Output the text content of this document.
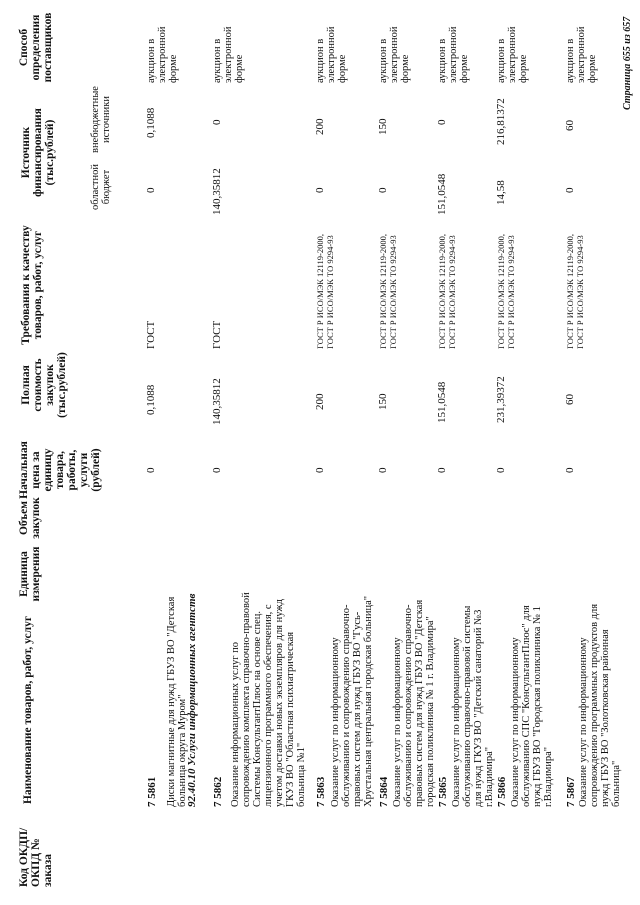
Код ОКДП/ ОКПД № заказа
Наименование товаров, работ, услуг
Единица измерения
Объем закупок
Начальная цена за единицу товара, работы, услуги (рублей)
Полная стоимость закупок (тыс.рублей)
Требования к качеству товаров, работ, услуг
Источник финансирования (тыс.рублей)
областной бюджет
внебюджетные источники
Способ определения поставщиков
7 5861 Диски магнитные для нужд ГБУЗ ВО "Детская больница округа Муром"
0
0,1088
ГОСТ
0
0,1088
аукцион в электронной форме
92.40.10 Услуги информационных агентств 7 5862 Оказание информационных услуг по сопровождению комплекта справочно-правовой Системы КонсультантПлюс на основе спец. лицензионного программного обеспечения, с учетом доставки новых экземпляров для нужд ГКУЗ ВО "Областная психиатрическая больница №1"
0
140,35812
ГОСТ
140,35812
0
аукцион в электронной форме
7 5863 Оказание услуг по информационному обслуживанию и сопровождению справочно-правовых систем для нужд ГБУЗ ВО "Гусь-Хрустальная центральная городская больница"
0
200
ГОСТ Р ИСО/МЭК 12119-2000, ГОСТ Р ИСО/МЭК ТО 9294-93
0
200
аукцион в электронной форме
7 5864 Оказание услуг по информационному обслуживанию и сопровождению справочно-правовых систем для нужд ГБУЗ ВО "Детская городская поликлиника № 1 г. Владимира"
0
150
ГОСТ Р ИСО/МЭК 12119-2000, ГОСТ Р ИСО/МЭК ТО 9294-93
0
150
аукцион в электронной форме
7 5865 Оказание услуг по информационному обслуживанию справочно-правовой системы для нужд ГКУЗ ВО "Детский санаторий №3 г.Владимира"
0
151,0548
ГОСТ Р ИСО/МЭК 12119-2000, ГОСТ Р ИСО/МЭК ТО 9294-93
151,0548
0
аукцион в электронной форме
7 5866 Оказание услуг по информационному обслуживанию СПС "КонсультантПлюс" для нужд ГБУЗ ВО "Городская поликлиника № 1 г.Владимира"
0
231,39372
ГОСТ Р ИСО/МЭК 12119-2000, ГОСТ Р ИСО/МЭК ТО 9294-93
14,58
216,81372
аукцион в электронной форме
7 5867 Оказание услуг по информационному сопровождению программных продуктов для нужд ГБУЗ ВО "Золотковская районная больница"
0
60
ГОСТ Р ИСО/МЭК 12119-2000, ГОСТ Р ИСО/МЭК ТО 9294-93
0
60
аукцион в электронной форме Страница 655 из 657
